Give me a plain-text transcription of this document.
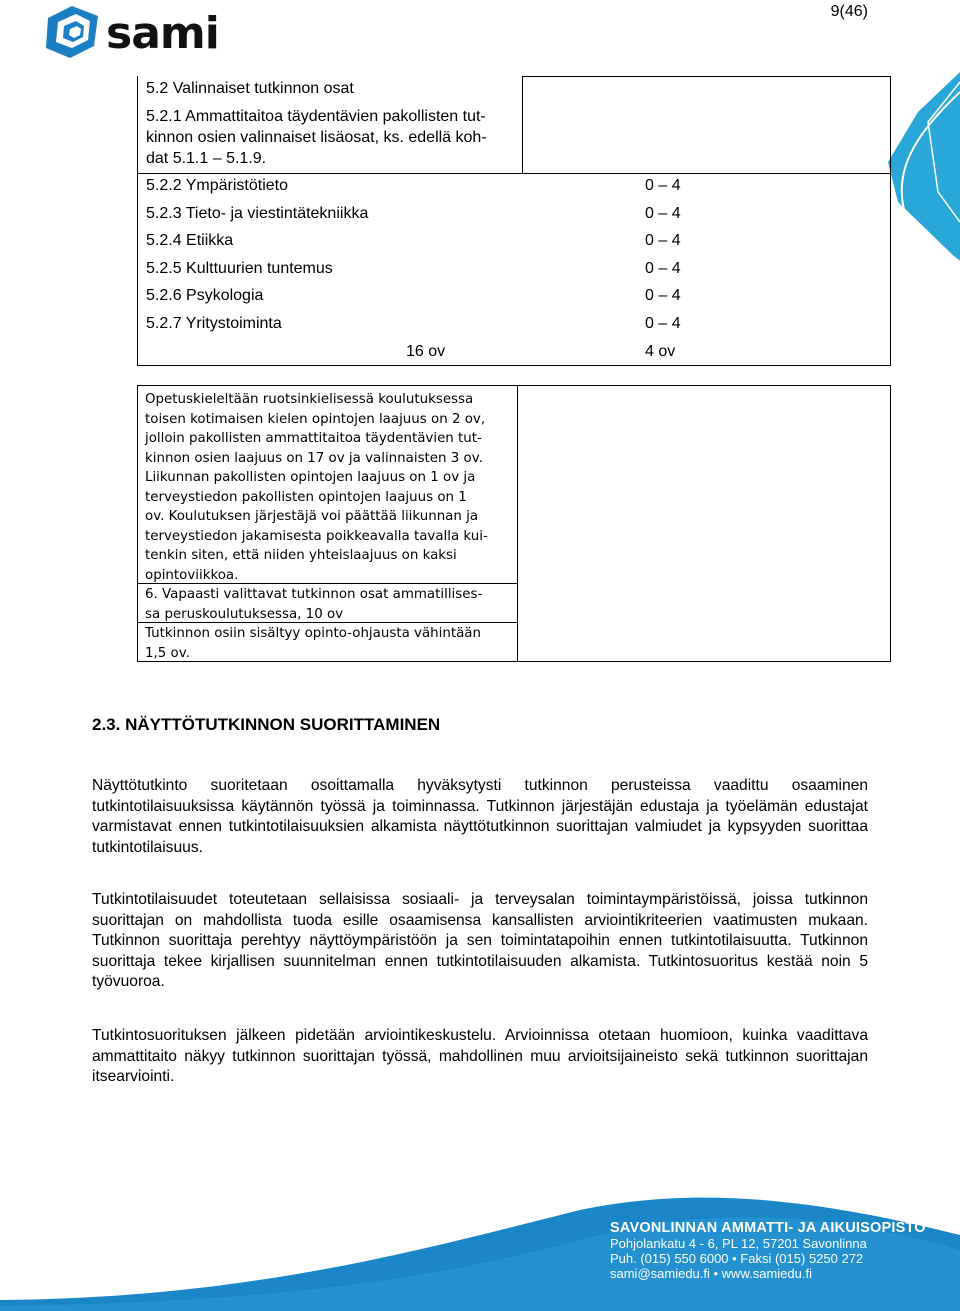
sami	9(46)
5.2 Valinnaiset tutkinnon osat
5.2.1 Ammattitaitoa täydentävien pakollisten tut-
kinnon osien valinnaiset lisäosat, ks. edellä koh-
dat 5.1.1 – 5.1.9.
5.2.2 Ympäristötieto	0 – 4
5.2.3 Tieto- ja viestintätekniikka	0 – 4
5.2.4 Etiikka	0 – 4
5.2.5 Kulttuurien tuntemus	0 – 4
5.2.6 Psykologia	0 – 4
5.2.7 Yritystoiminta	0 – 4
16 ov	4 ov

Opetuskieleltään ruotsinkielisessä koulutuksessa

toisen kotimaisen kielen opintojen laajuus on 2 ov,

jolloin pakollisten ammattitaitoa täydentävien tut-

kinnon osien laajuus on 17 ov ja valinnaisten 3 ov.

Liikunnan pakollisten opintojen laajuus on 1 ov ja

terveystiedon pakollisten opintojen laajuus on 1

ov. Koulutuksen järjestäjä voi päättää liikunnan ja

terveystiedon jakamisesta poikkeavalla tavalla kui-

tenkin siten, että niiden yhteislaajuus on kaksi

opintoviikkoa.

6. Vapaasti valittavat tutkinnon osat ammatillises-

sa peruskoulutuksessa, 10 ov

Tutkinnon osiin sisältyy opinto-ohjausta vähintään

1,5 ov.

2.3. NÄYTTÖTUTKINNON SUORITTAMINEN
Näyttötutkinto suoritetaan osoittamalla hyväksytysti tutkinnon perusteissa vaadittu osaaminen tutkintotilaisuuksissa käytännön työssä ja toiminnassa. Tutkinnon järjestäjän edustaja ja työelämän edustajat varmistavat ennen tutkintotilaisuuksien alkamista näyttötutkinnon suorittajan valmiudet ja kypsyyden suorittaa tutkintotilaisuus.
Tutkintotilaisuudet toteutetaan sellaisissa sosiaali- ja terveysalan toimintaympäristöissä, joissa tutkinnon suorittajan on mahdollista tuoda esille osaamisensa kansallisten arviointikriteerien vaatimusten mukaan. Tutkinnon suorittaja perehtyy näyttöympäristöön ja sen toimintatapoihin ennen tutkintotilaisuutta. Tutkinnon suorittaja tekee kirjallisen suunnitelman ennen tutkintotilaisuuden alkamista. Tutkintosuoritus kestää noin 5 työvuoroa.
Tutkintosuorituksen jälkeen pidetään arviointikeskustelu. Arvioinnissa otetaan huomioon, kuinka vaadittava ammattitaito näkyy tutkinnon suorittajan työssä, mahdollinen muu arvioitsijaineisto sekä tutkinnon suorittajan itsearviointi.
SAVONLINNAN AMMATTI- JA AIKUISOPISTO
Pohjolankatu 4 - 6, PL 12, 57201 Savonlinna
Puh. (015) 550 6000 • Faksi (015) 5250 272
sami@samiedu.fi • www.samiedu.fi
